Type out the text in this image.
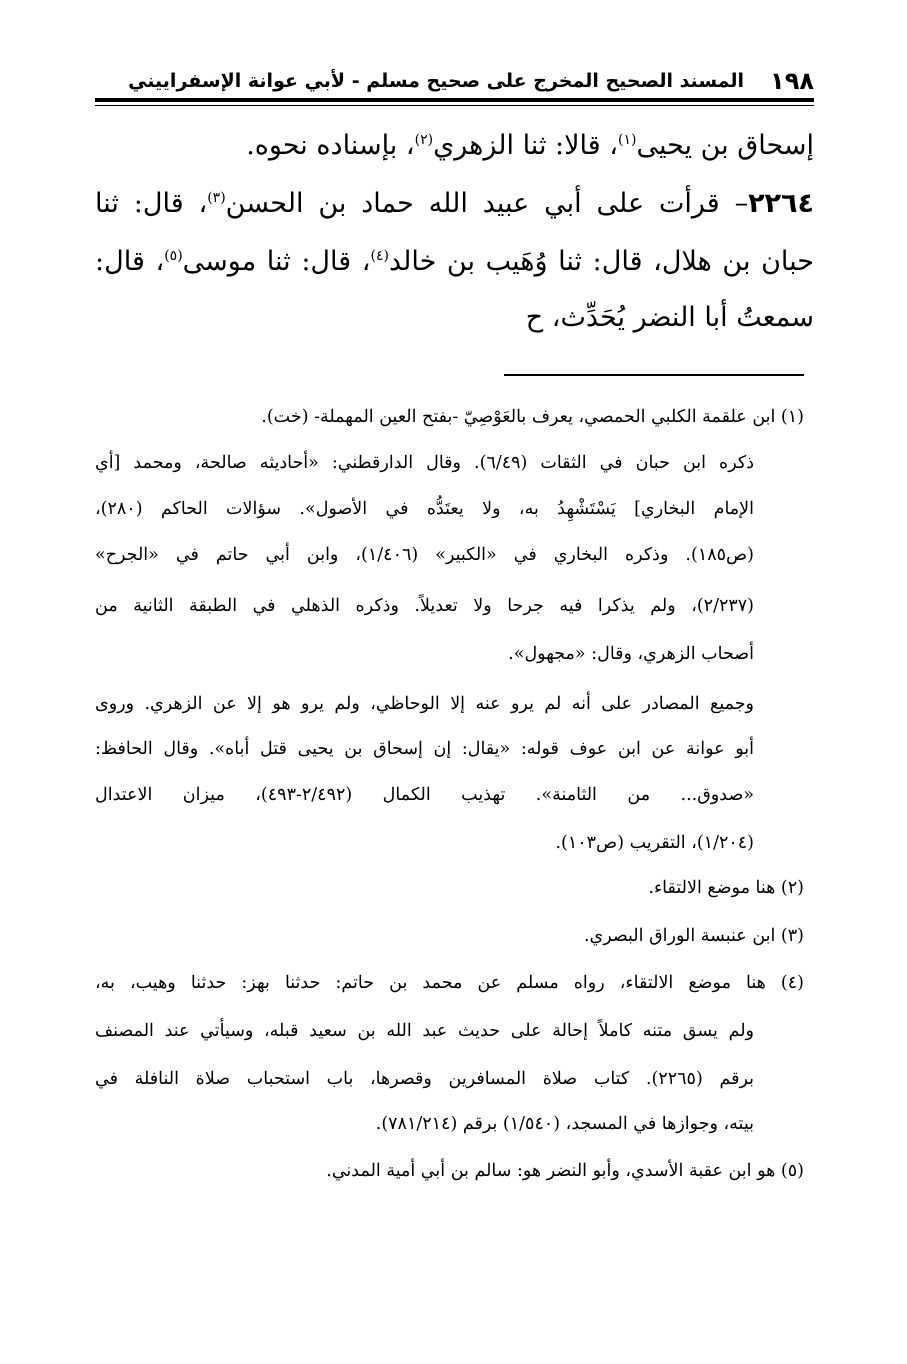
١٩٨
المسند الصحيح المخرج على صحيح مسلم - لأبي عوانة الإسفراييني
إسحاق بن يحيى$^{(١)}$، قالا: ثنا الزهري$^{(٢)}$، بإسناده نحوه.
٢٢٦٤– قرأت على أبي عبيد الله حماد بن الحسن$^{(٣)}$، قال: ثنا
حبان بن هلال، قال: ثنا وُهَيب بن خالد$^{(٤)}$، قال: ثنا موسى$^{(٥)}$، قال:
سمعتُ أبا النضر يُحَدِّث، ح
(١) ابن علقمة الكلبي الحمصي، يعرف بالعَوْصِيّ -بفتح العين المهملة- (خت).
ذكره ابن حبان في الثقات (٦/٤٩). وقال الدارقطني: «أحاديثه صالحة، ومحمد [أي
الإمام البخاري] يَسْتَشْهِدُ به، ولا يعتَدُّه في الأصول». سؤالات الحاكم (٢٨٠)،
(ص١٨٥). وذكره البخاري في «الكبير» (١/٤٠٦)، وابن أبي حاتم في «الجرح»
(٢/٢٣٧)، ولم يذكرا فيه جرحا ولا تعديلاً. وذكره الذهلي في الطبقة الثانية من
أصحاب الزهري، وقال: «مجهول».
وجميع المصادر على أنه لم يرو عنه إلا الوحاظي، ولم يرو هو إلا عن الزهري. وروى
أبو عوانة عن ابن عوف قوله: «يقال: إن إسحاق بن يحيى قتل أباه». وقال الحافظ:
«صدوق... من الثامنة». تهذيب الكمال (٢/٤٩٢-٤٩٣)، ميزان الاعتدال
(١/٢٠٤)، التقريب (ص١٠٣).
(٢) هنا موضع الالتقاء.
(٣) ابن عنبسة الوراق البصري.
(٤) هنا موضع الالتقاء، رواه مسلم عن محمد بن حاتم: حدثنا بهز: حدثنا وهيب، به،
ولم يسق متنه كاملاً إحالة على حديث عبد الله بن سعيد قبله، وسيأتي عند المصنف
برقم (٢٢٦٥). كتاب صلاة المسافرين وقصرها، باب استحباب صلاة النافلة في
بيته، وجوازها في المسجد، (١/٥٤٠) برقم (٧٨١/٢١٤).
(٥) هو ابن عقبة الأسدي، وأبو النضر هو: سالم بن أبي أمية المدني.
